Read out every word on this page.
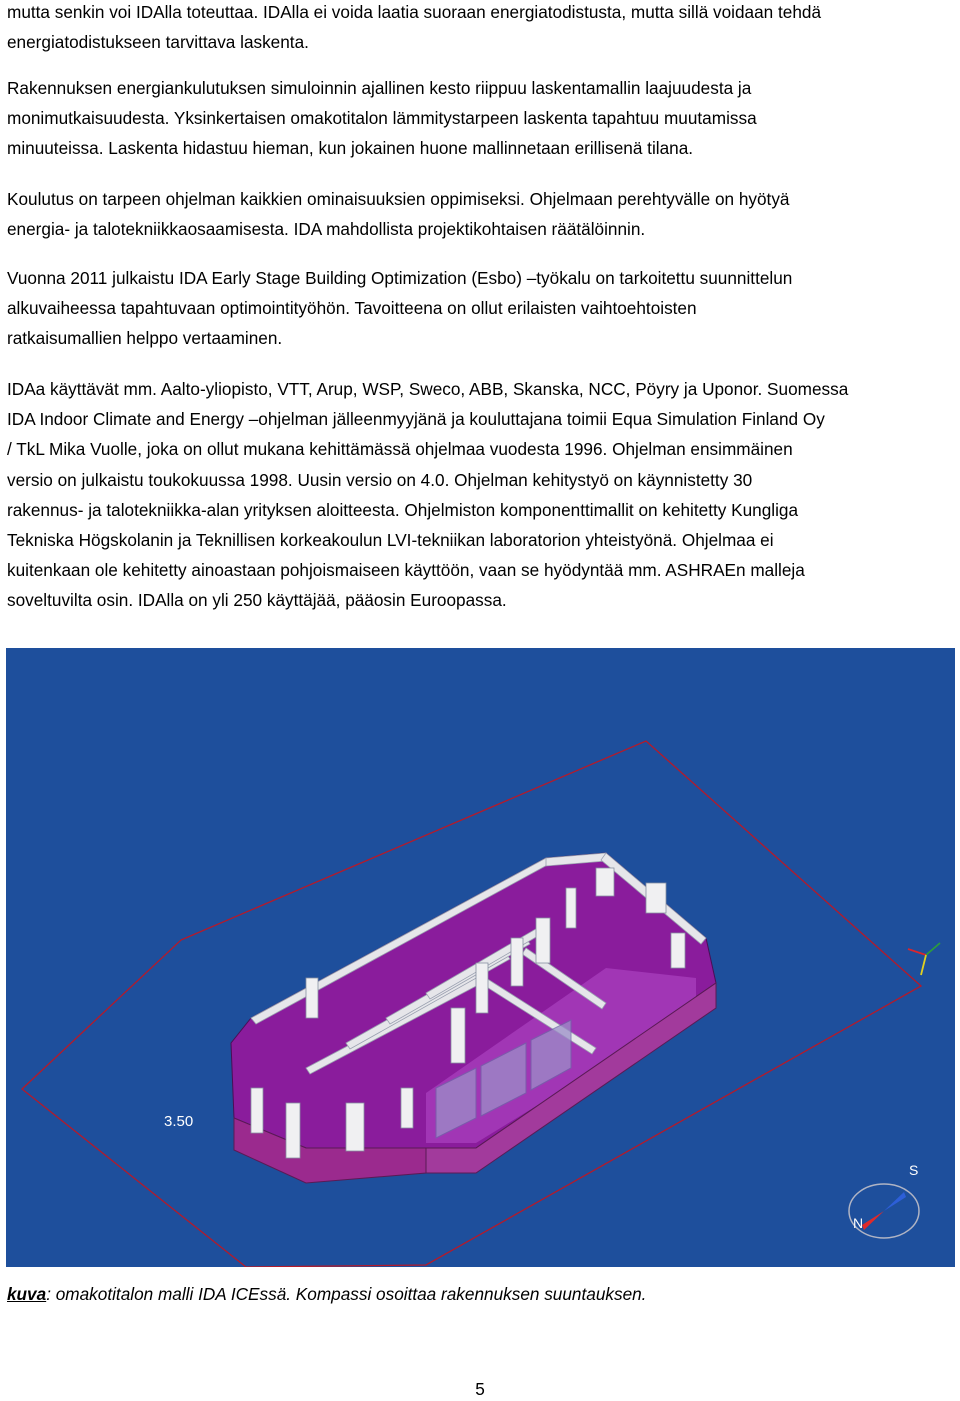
mutta senkin voi IDAlla toteuttaa. IDAlla ei voida laatia suoraan energiatodistusta, mutta sillä voidaan tehdä
energiatodistukseen tarvittava laskenta.
Rakennuksen energiankulutuksen simuloinnin ajallinen kesto riippuu laskentamallin laajuudesta ja
monimutkaisuudesta. Yksinkertaisen omakotitalon lämmitystarpeen laskenta tapahtuu muutamissa
minuuteissa. Laskenta hidastuu hieman, kun jokainen huone mallinnetaan erillisenä tilana.
Koulutus on tarpeen ohjelman kaikkien ominaisuuksien oppimiseksi. Ohjelmaan perehtyvälle on hyötyä
energia- ja talotekniikkaosaamisesta. IDA mahdollista projektikohtaisen räätälöinnin.
Vuonna 2011 julkaistu IDA Early Stage Building Optimization (Esbo) –työkalu on tarkoitettu suunnittelun
alkuvaiheessa tapahtuvaan optimointityöhön. Tavoitteena on ollut erilaisten vaihtoehtoisten
ratkaisumallien helppo vertaaminen.
IDAa käyttävät mm. Aalto-yliopisto, VTT, Arup, WSP, Sweco, ABB, Skanska, NCC, Pöyry ja Uponor. Suomessa
IDA Indoor Climate and Energy –ohjelman jälleenmyyjänä ja kouluttajana toimii Equa Simulation Finland Oy
/ TkL Mika Vuolle, joka on ollut mukana kehittämässä ohjelmaa vuodesta 1996. Ohjelman ensimmäinen
versio on julkaistu toukokuussa 1998. Uusin versio on 4.0. Ohjelman kehitystyö on käynnistetty 30
rakennus- ja talotekniikka-alan yrityksen aloitteesta. Ohjelmiston komponenttimallit on kehitetty Kungliga
Tekniska Högskolanin ja Teknillisen korkeakoulun LVI-tekniikan laboratorion yhteistyönä. Ohjelmaa ei
kuitenkaan ole kehitetty ainoastaan pohjoismaiseen käyttöön, vaan se hyödyntää mm. ASHRAEn malleja
soveltuvilta osin. IDAlla on yli 250 käyttäjää, pääosin Euroopassa.
3.50
S
N
kuva: omakotitalon malli IDA ICEssä. Kompassi osoittaa rakennuksen suuntauksen.
5
